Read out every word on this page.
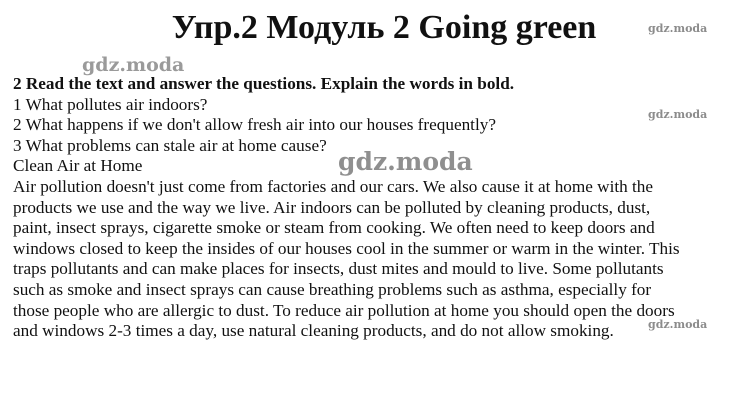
Упр.2 Модуль 2 Going green	gdz.moda
gdz.moda
gdz.moda
gdz.moda
gdz.moda
2 Read the text and answer the questions. Explain the words in bold.
1 What pollutes air indoors?
2 What happens if we don't allow fresh air into our houses frequently?
3 What problems can stale air at home cause?
Clean Air at Home
Air pollution doesn't just come from factories and our cars. We also cause it at home with the
products we use and the way we live. Air indoors can be polluted by cleaning products, dust,
paint, insect sprays, cigarette smoke or steam from cooking. We often need to keep doors and
windows closed to keep the insides of our houses cool in the summer or warm in the winter. This
traps pollutants and can make places for insects, dust mites and mould to live. Some pollutants
such as smoke and insect sprays can cause breathing problems such as asthma, especially for
those people who are allergic to dust. To reduce air pollution at home you should open the doors
and windows 2-3 times a day, use natural cleaning products, and do not allow smoking.
